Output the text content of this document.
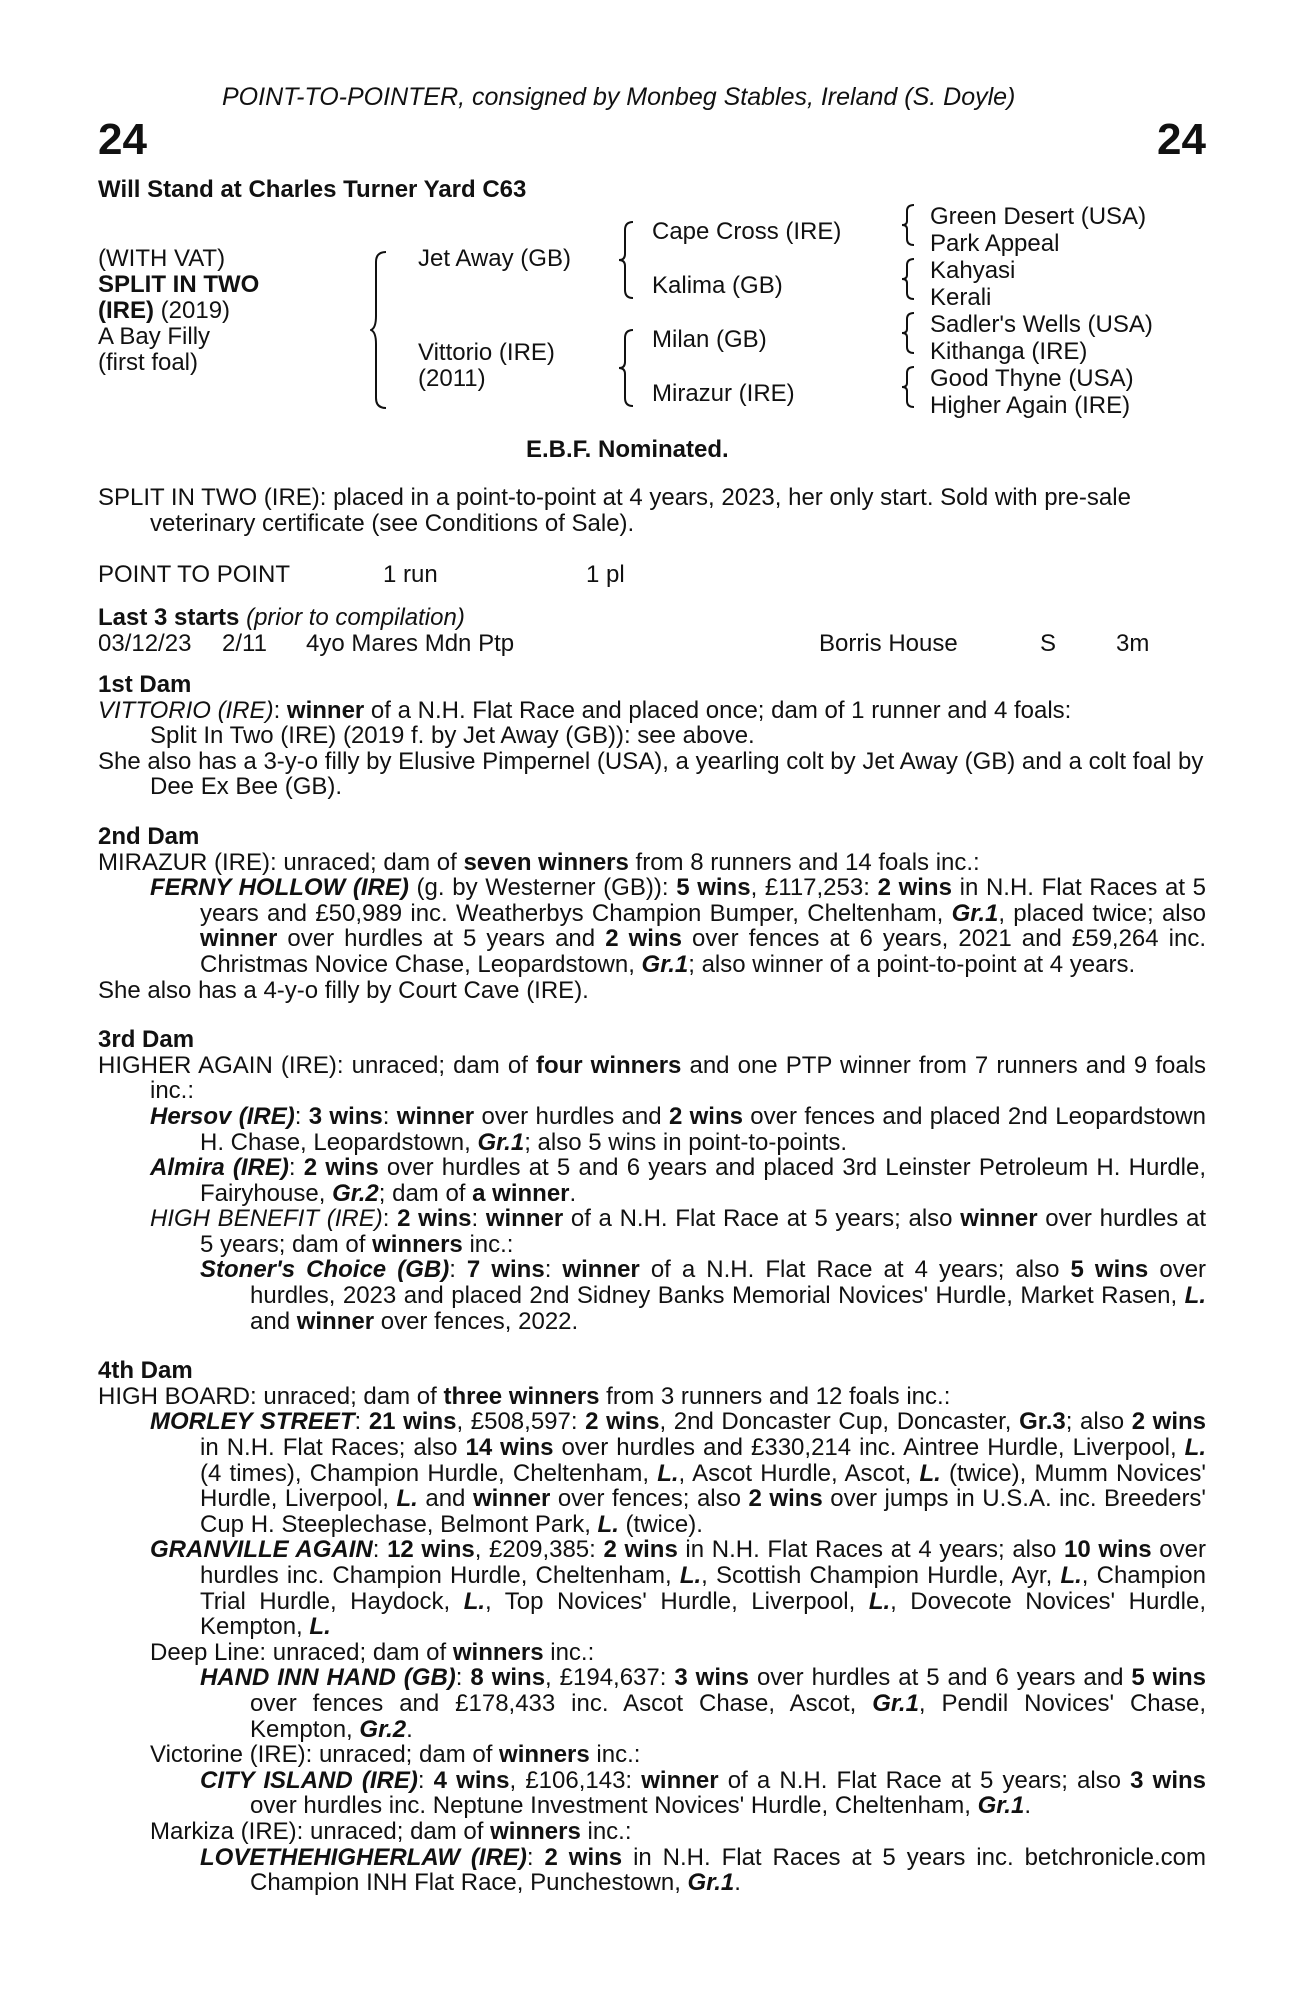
POINT-TO-POINTER, consigned by Monbeg Stables, Ireland (S. Doyle)
24	24
Will Stand at Charles Turner Yard C63
(WITH VAT)
SPLIT IN TWO
(IRE) (2019)
A Bay Filly
(first foal)
Jet Away (GB)
Vittorio (IRE)
(2011)
Cape Cross (IRE)
Kalima (GB)
Milan (GB)
Mirazur (IRE)
Green Desert (USA)
Park Appeal
Kahyasi
Kerali
Sadler's Wells (USA)
Kithanga (IRE)
Good Thyne (USA)
Higher Again (IRE)
E.B.F. Nominated.

SPLIT IN TWO (IRE): placed in a point-to-point at 4 years, 2023, her only start. Sold with pre-sale veterinary certificate (see Conditions of Sale).

POINT TO POINT	1 run	1 pl
Last 3 starts (prior to compilation)
03/12/23 2/11 4yo Mares Mdn Ptp	Borris House	S 3m

1st Dam

VITTORIO (IRE): winner of a N.H. Flat Race and placed once; dam of 1 runner and 4 foals:

Split In Two (IRE) (2019 f. by Jet Away (GB)): see above.

She also has a 3-y-o filly by Elusive Pimpernel (USA), a yearling colt by Jet Away (GB) and a colt foal by Dee Ex Bee (GB).

2nd Dam

MIRAZUR (IRE): unraced; dam of seven winners from 8 runners and 14 foals inc.:

FERNY HOLLOW (IRE) (g. by Westerner (GB)): 5 wins, £117,253: 2 wins in N.H. Flat Races at 5 years and £50,989 inc. Weatherbys Champion Bumper, Cheltenham, Gr.1, placed twice; also winner over hurdles at 5 years and 2 wins over fences at 6 years, 2021 and £59,264 inc. Christmas Novice Chase, Leopardstown, Gr.1; also winner of a point-to-point at 4 years.

She also has a 4-y-o filly by Court Cave (IRE).

3rd Dam

HIGHER AGAIN (IRE): unraced; dam of four winners and one PTP winner from 7 runners and 9 foals inc.:

Hersov (IRE): 3 wins: winner over hurdles and 2 wins over fences and placed 2nd Leopardstown H. Chase, Leopardstown, Gr.1; also 5 wins in point-to-points.

Almira (IRE): 2 wins over hurdles at 5 and 6 years and placed 3rd Leinster Petroleum H. Hurdle, Fairyhouse, Gr.2; dam of a winner.

HIGH BENEFIT (IRE): 2 wins: winner of a N.H. Flat Race at 5 years; also winner over hurdles at 5 years; dam of winners inc.:

Stoner's Choice (GB): 7 wins: winner of a N.H. Flat Race at 4 years; also 5 wins over hurdles, 2023 and placed 2nd Sidney Banks Memorial Novices' Hurdle, Market Rasen, L. and winner over fences, 2022.

4th Dam

HIGH BOARD: unraced; dam of three winners from 3 runners and 12 foals inc.:

MORLEY STREET: 21 wins, £508,597: 2 wins, 2nd Doncaster Cup, Doncaster, Gr.3; also 2 wins in N.H. Flat Races; also 14 wins over hurdles and £330,214 inc. Aintree Hurdle, Liverpool, L. (4 times), Champion Hurdle, Cheltenham, L., Ascot Hurdle, Ascot, L. (twice), Mumm Novices' Hurdle, Liverpool, L. and winner over fences; also 2 wins over jumps in U.S.A. inc. Breeders' Cup H. Steeplechase, Belmont Park, L. (twice).

GRANVILLE AGAIN: 12 wins, £209,385: 2 wins in N.H. Flat Races at 4 years; also 10 wins over hurdles inc. Champion Hurdle, Cheltenham, L., Scottish Champion Hurdle, Ayr, L., Champion Trial Hurdle, Haydock, L., Top Novices' Hurdle, Liverpool, L., Dovecote Novices' Hurdle, Kempton, L.

Deep Line: unraced; dam of winners inc.:

HAND INN HAND (GB): 8 wins, £194,637: 3 wins over hurdles at 5 and 6 years and 5 wins over fences and £178,433 inc. Ascot Chase, Ascot, Gr.1, Pendil Novices' Chase, Kempton, Gr.2.

Victorine (IRE): unraced; dam of winners inc.:

CITY ISLAND (IRE): 4 wins, £106,143: winner of a N.H. Flat Race at 5 years; also 3 wins over hurdles inc. Neptune Investment Novices' Hurdle, Cheltenham, Gr.1.

Markiza (IRE): unraced; dam of winners inc.:

LOVETHEHIGHERLAW (IRE): 2 wins in N.H. Flat Races at 5 years inc. betchronicle.com Champion INH Flat Race, Punchestown, Gr.1.
